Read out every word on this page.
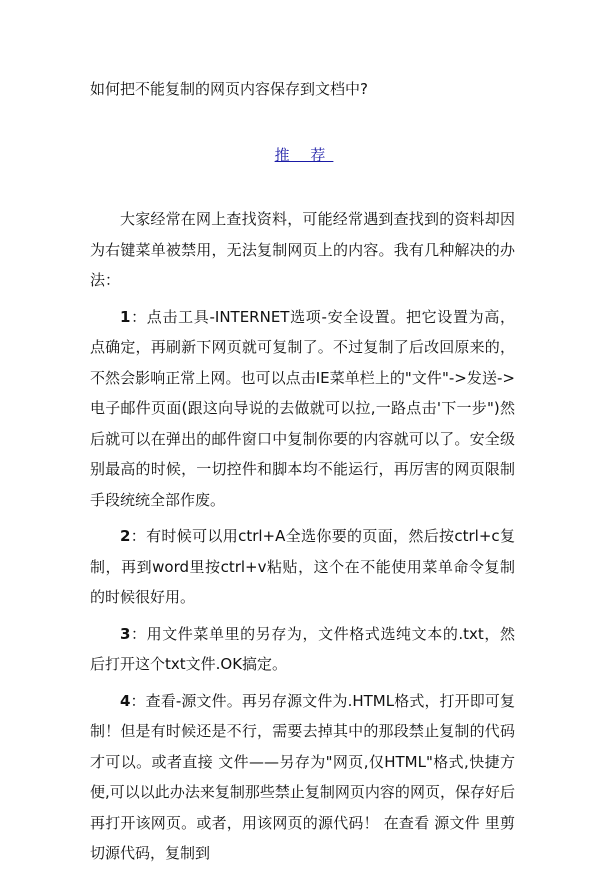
如何把不能复制的网页内容保存到文档中?
推 荐

大家经常在网上查找资料，可能经常遇到查找到的资料却因为右键菜单被禁用，无法复制网页上的内容。我有几种解决的办法：

1：点击工具-INTERNET选项-安全设置。把它设置为高，点确定，再刷新下网页就可复制了。不过复制了后改回原来的，不然会影响正常上网。也可以点击IE菜单栏上的"文件"->发送->电子邮件页面(跟这向导说的去做就可以拉,一路点击'下一步")然后就可以在弹出的邮件窗口中复制你要的内容就可以了。安全级别最高的时候，一切控件和脚本均不能运行，再厉害的网页限制手段统统全部作废。

2：有时候可以用ctrl+A全选你要的页面，然后按ctrl+c复制，再到word里按ctrl+v粘贴，这个在不能使用菜单命令复制的时候很好用。

3：用文件菜单里的另存为，文件格式选纯文本的.txt，然后打开这个txt文件.OK搞定。

4：查看-源文件。再另存源文件为.HTML格式，打开即可复制！但是有时候还是不行，需要去掉其中的那段禁止复制的代码才可以。或者直接 文件——另存为"网页,仅HTML"格式,快捷方便,可以以此办法来复制那些禁止复制网页内容的网页，保存好后再打开该网页。或者，用该网页的源代码！ 在查看 源文件 里剪切源代码，复制到
